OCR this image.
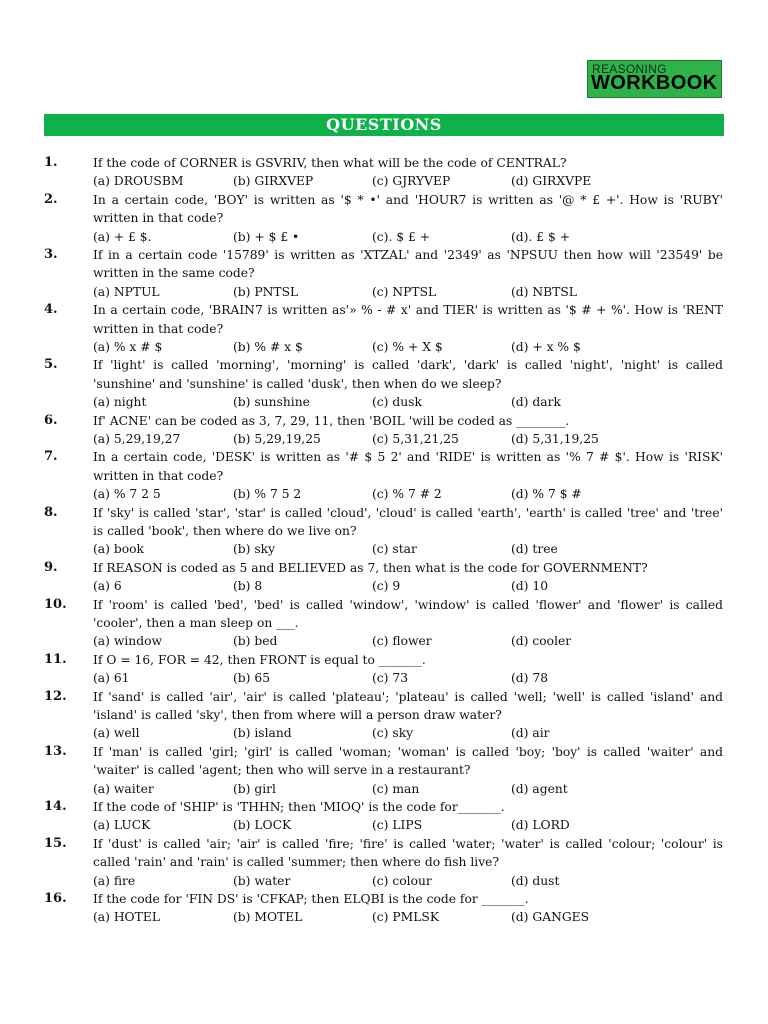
REASONING
WORKBOOK
QUESTIONS
1.	If the code of CORNER is GSVRIV, then what will be the code of CENTRAL?
(a) DROUSBM	(b) GIRXVEP	(c) GJRYVEP	(d) GIRXVPE
2.	In a certain code, 'BOY' is written as '$ * •' and 'HOUR7 is written as '@ * £ +'. How is 'RUBY' written in that code?
(a) + £ $.	(b) + $ £ •	(c). $ £ +	(d). £ $ +
3.	If in a certain code '15789' is written as 'XTZAL' and '2349' as 'NPSUU then how will '23549' be written in the same code?
(a) NPTUL	(b) PNTSL	(c) NPTSL	(d) NBTSL
4.	In a certain code, 'BRAIN7 is written as'» % - # x' and TIER' is written as '$ # + %'. How is 'RENT written in that code?
(a) % x # $	(b) % # x $	(c) % + X $	(d) + x % $
5.	If 'light' is called 'morning', 'morning' is called 'dark', 'dark' is called 'night', 'night' is called 'sunshine' and 'sunshine' is called 'dusk', then when do we sleep?
(a) night	(b) sunshine	(c) dusk	(d) dark
6.	If' ACNE' can be coded as 3, 7, 29, 11, then 'BOIL 'will be coded as ________.
(a) 5,29,19,27	(b) 5,29,19,25	(c) 5,31,21,25	(d) 5,31,19,25
7.	In a certain code, 'DESK' is written as '# $ 5 2' and 'RIDE' is written as '% 7 # $'. How is 'RISK' written in that code?
(a) % 7 2 5	(b) % 7 5 2	(c) % 7 # 2	(d) % 7 $ #
8.	If 'sky' is called 'star', 'star' is called 'cloud', 'cloud' is called 'earth', 'earth' is called 'tree' and 'tree' is called 'book', then where do we live on?
(a) book	(b) sky	(c) star	(d) tree
9.	If REASON is coded as 5 and BELIEVED as 7, then what is the code for GOVERNMENT?
(a) 6	(b) 8	(c) 9	(d) 10
10. If 'room' is called 'bed', 'bed' is called 'window', 'window' is called 'flower' and 'flower' is called 'cooler', then a man sleep on ___.
(a) window	(b) bed	(c) flower	(d) cooler
11. If O = 16, FOR = 42, then FRONT is equal to _______.
(a) 61	(b) 65	(c) 73	(d) 78
12. If 'sand' is called 'air', 'air' is called 'plateau'; 'plateau' is called 'well; 'well' is called 'island' and 'island' is called 'sky', then from where will a person draw water?
(a) well	(b) island	(c) sky	(d) air
13. If 'man' is called 'girl; 'girl' is called 'woman; 'woman' is called 'boy; 'boy' is called 'waiter' and 'waiter' is called 'agent; then who will serve in a restaurant?
(a) waiter	(b) girl	(c) man	(d) agent
14. If the code of 'SHIP' is 'THHN; then 'MIOQ' is the code for_______.
(a) LUCK	(b) LOCK	(c) LIPS	(d) LORD
15. If 'dust' is called 'air; 'air' is called 'fire; 'fire' is called 'water; 'water' is called 'colour; 'colour' is called 'rain' and 'rain' is called 'summer; then where do fish live?
(a) fire	(b) water	(c) colour	(d) dust
16. If the code for 'FIN DS' is 'CFKAP; then ELQBI is the code for _______.
(a) HOTEL	(b) MOTEL	(c) PMLSK	(d) GANGES
